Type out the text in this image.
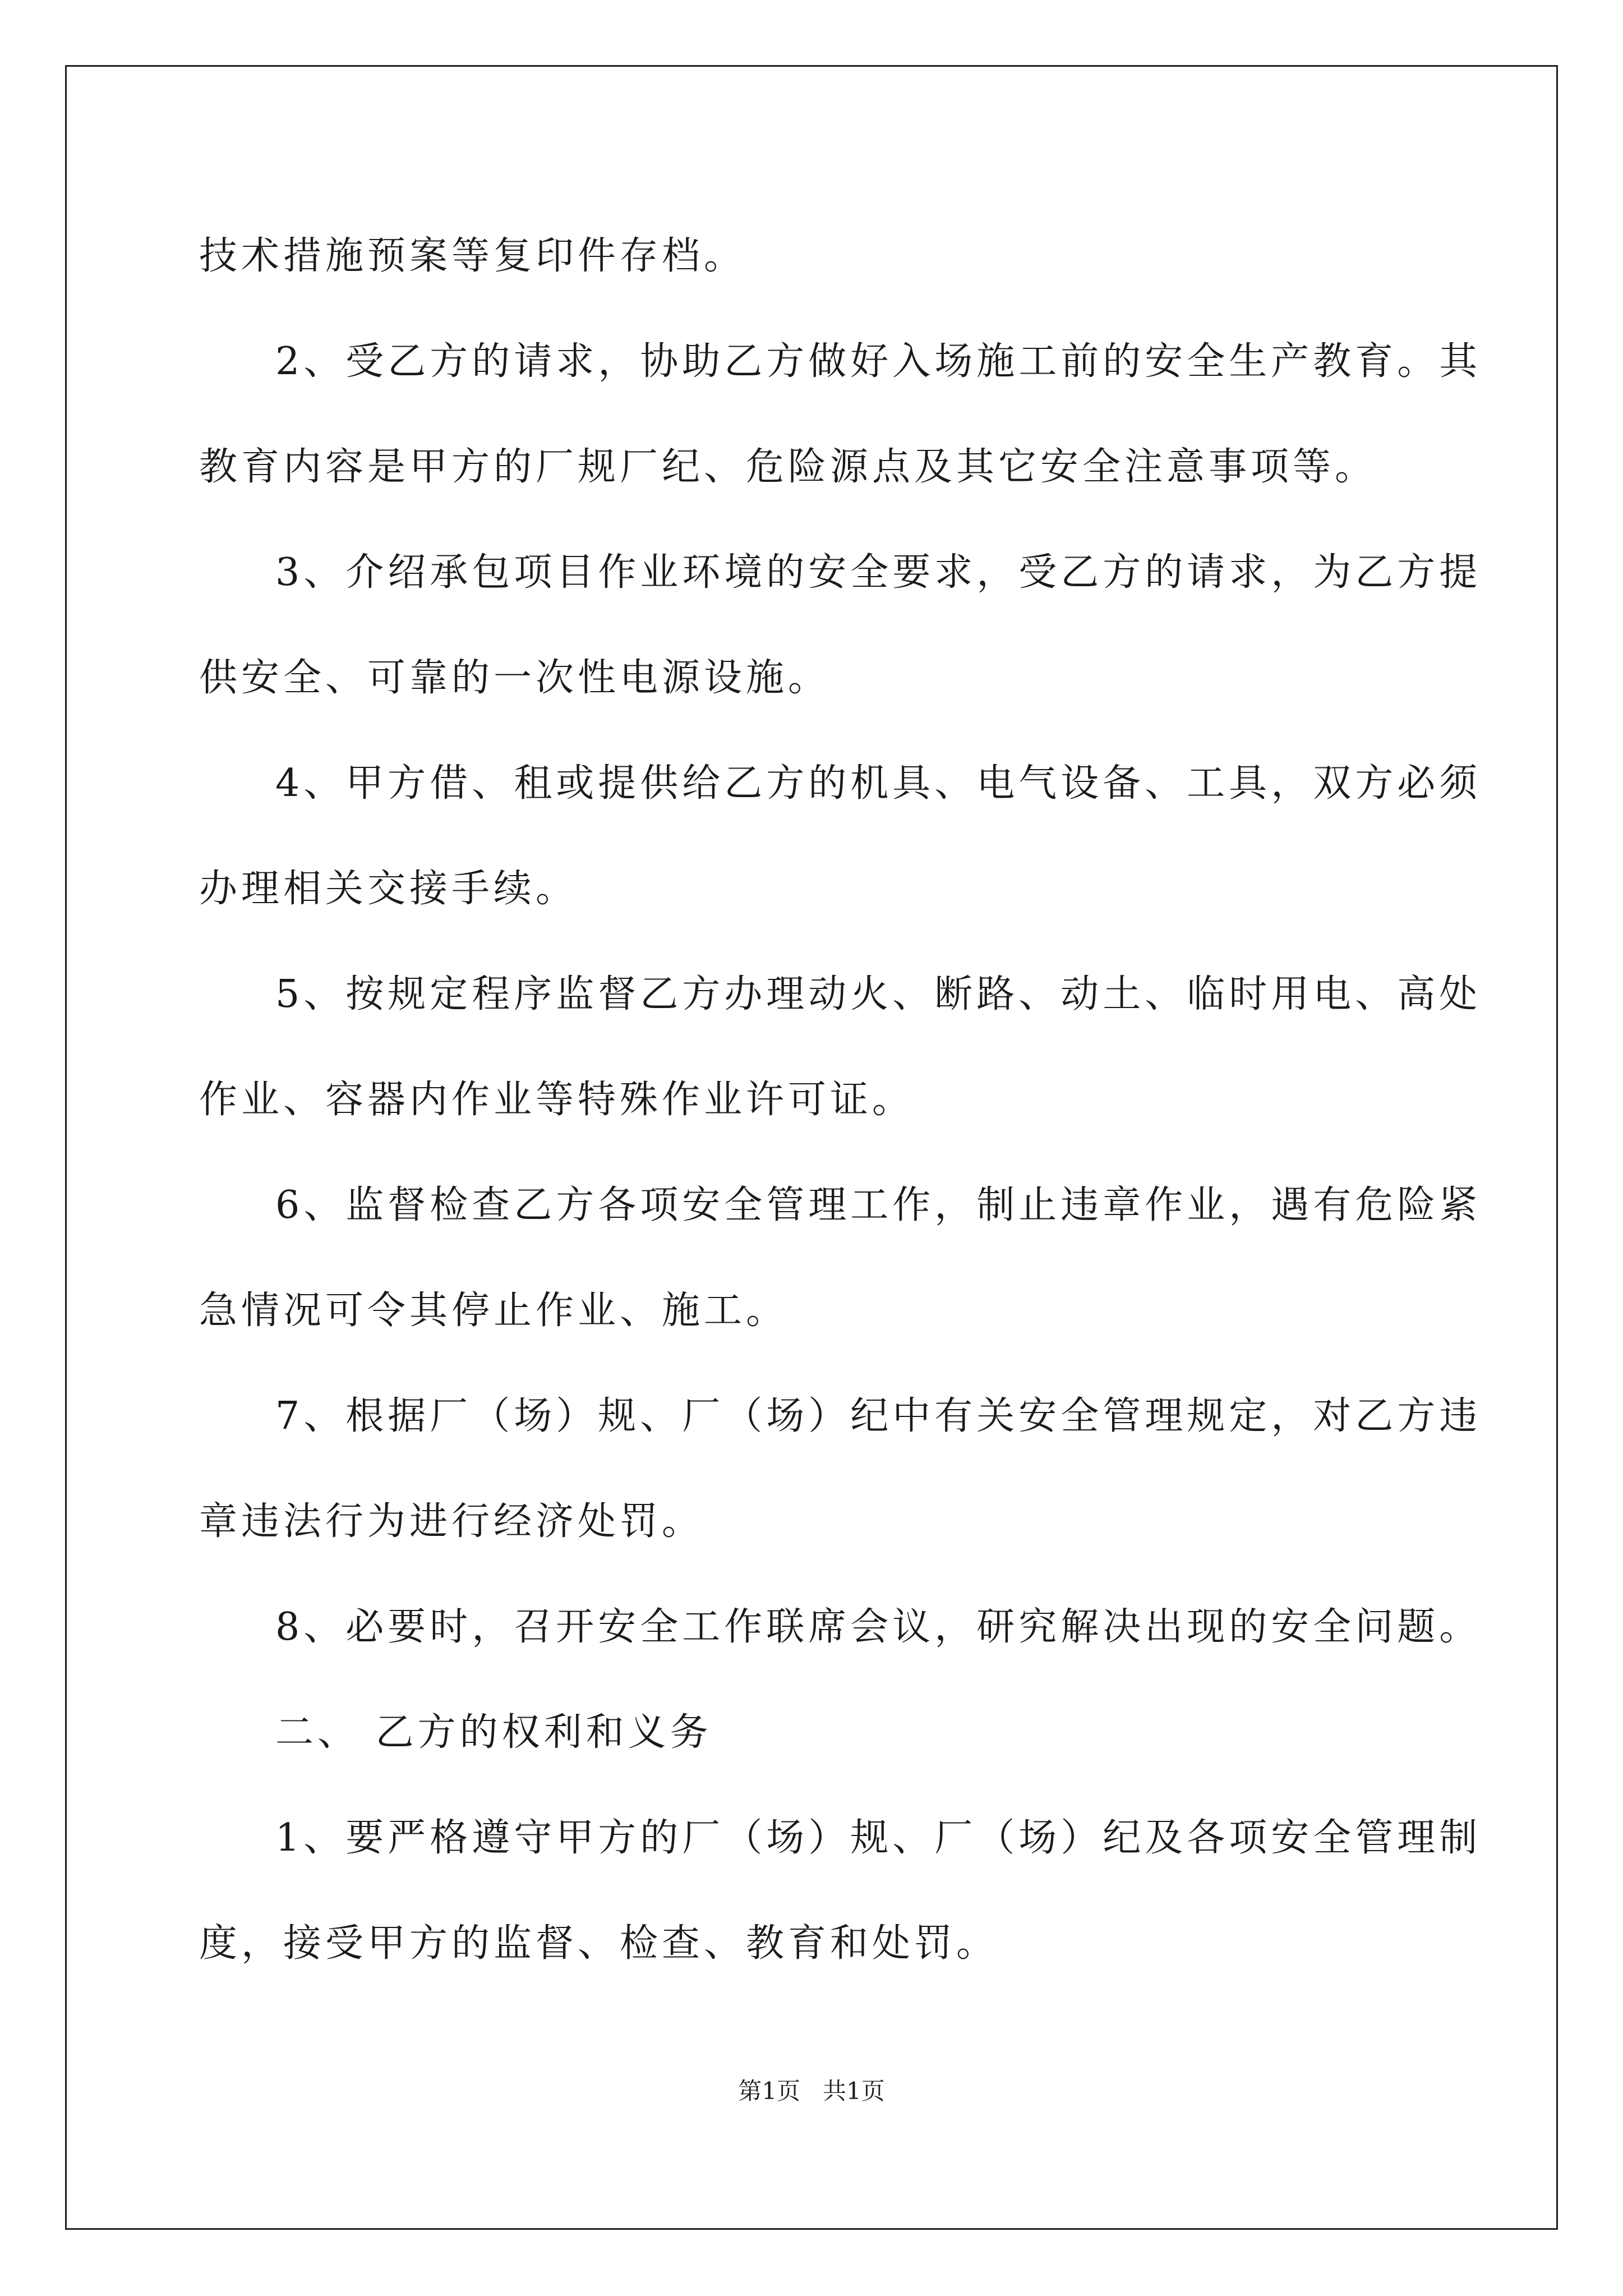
技术措施预案等复印件存档。
2、受乙方的请求，协助乙方做好入场施工前的安全生产教育。其
教育内容是甲方的厂规厂纪、危险源点及其它安全注意事项等。
3、介绍承包项目作业环境的安全要求，受乙方的请求，为乙方提
供安全、可靠的一次性电源设施。
4、甲方借、租或提供给乙方的机具、电气设备、工具，双方必须
办理相关交接手续。
5、按规定程序监督乙方办理动火、断路、动土、临时用电、高处
作业、容器内作业等特殊作业许可证。
6、监督检查乙方各项安全管理工作，制止违章作业，遇有危险紧
急情况可令其停止作业、施工。
7、根据厂（场）规、厂（场）纪中有关安全管理规定，对乙方违
章违法行为进行经济处罚。
8、必要时，召开安全工作联席会议，研究解决出现的安全问题。
二、 乙方的权利和义务
1、要严格遵守甲方的厂（场）规、厂（场）纪及各项安全管理制
度，接受甲方的监督、检查、教育和处罚。
第1页   共1页
